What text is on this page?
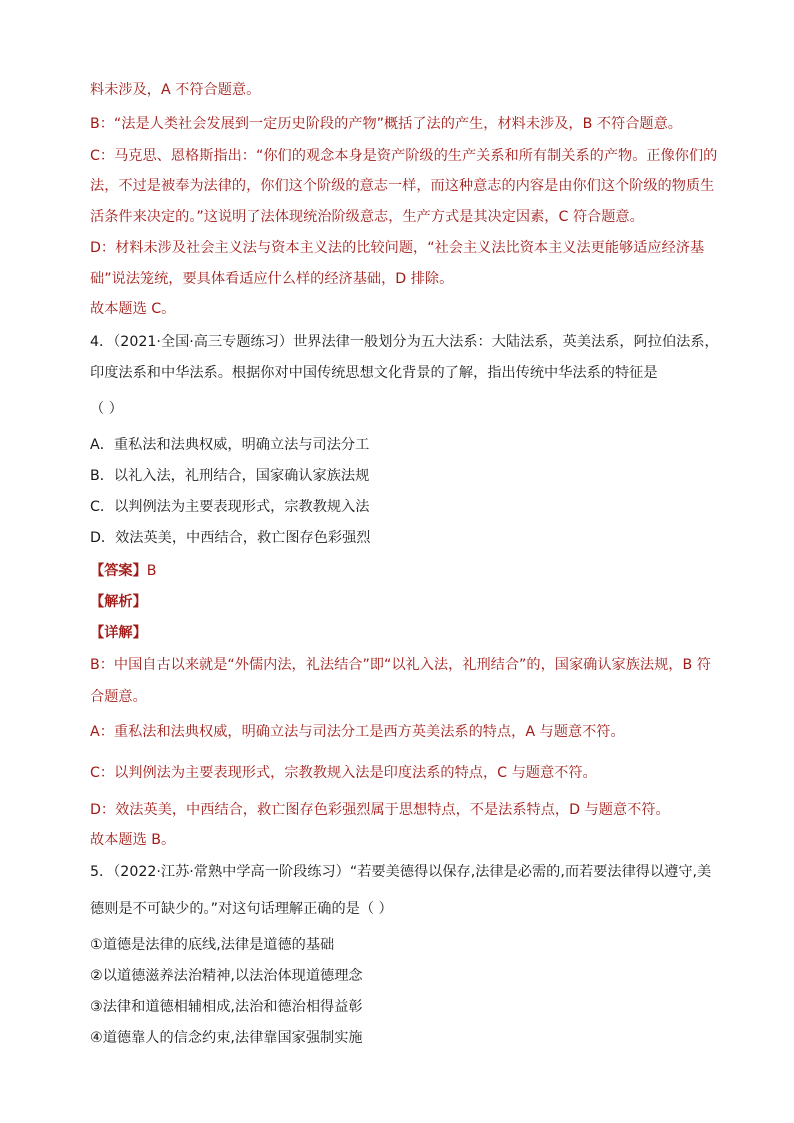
料未涉及，A 不符合题意。
B：“法是人类社会发展到一定历史阶段的产物”概括了法的产生，材料未涉及，B 不符合题意。
C：马克思、恩格斯指出：“你们的观念本身是资产阶级的生产关系和所有制关系的产物。正像你们的
法，不过是被奉为法律的，你们这个阶级的意志一样，而这种意志的内容是由你们这个阶级的物质生
活条件来决定的。”这说明了法体现统治阶级意志，生产方式是其决定因素，C 符合题意。
D：材料未涉及社会主义法与资本主义法的比较问题，“社会主义法比资本主义法更能够适应经济基
础”说法笼统，要具体看适应什么样的经济基础，D 排除。
故本题选 C。
4．（2021·全国·高三专题练习）世界法律一般划分为五大法系：大陆法系，英美法系，阿拉伯法系，
印度法系和中华法系。根据你对中国传统思想文化背景的了解，指出传统中华法系的特征是
（ ）
A．重私法和法典权威，明确立法与司法分工
B．以礼入法，礼刑结合，国家确认家族法规
C．以判例法为主要表现形式，宗教教规入法
D．效法英美，中西结合，救亡图存色彩强烈
【答案】B
【解析】
【详解】
B：中国自古以来就是“外儒内法，礼法结合”即“以礼入法，礼刑结合”的，国家确认家族法规，B 符
合题意。
A：重私法和法典权威，明确立法与司法分工是西方英美法系的特点，A 与题意不符。
C：以判例法为主要表现形式，宗教教规入法是印度法系的特点，C 与题意不符。
D：效法英美，中西结合，救亡图存色彩强烈属于思想特点，不是法系特点，D 与题意不符。
故本题选 B。
5．（2022·江苏·常熟中学高一阶段练习）“若要美德得以保存,法律是必需的,而若要法律得以遵守,美
德则是不可缺少的。”对这句话理解正确的是（ ）
①道德是法律的底线,法律是道德的基础
②以道德滋养法治精神,以法治体现道德理念
③法律和道德相辅相成,法治和德治相得益彰
④道德靠人的信念约束,法律靠国家强制实施
